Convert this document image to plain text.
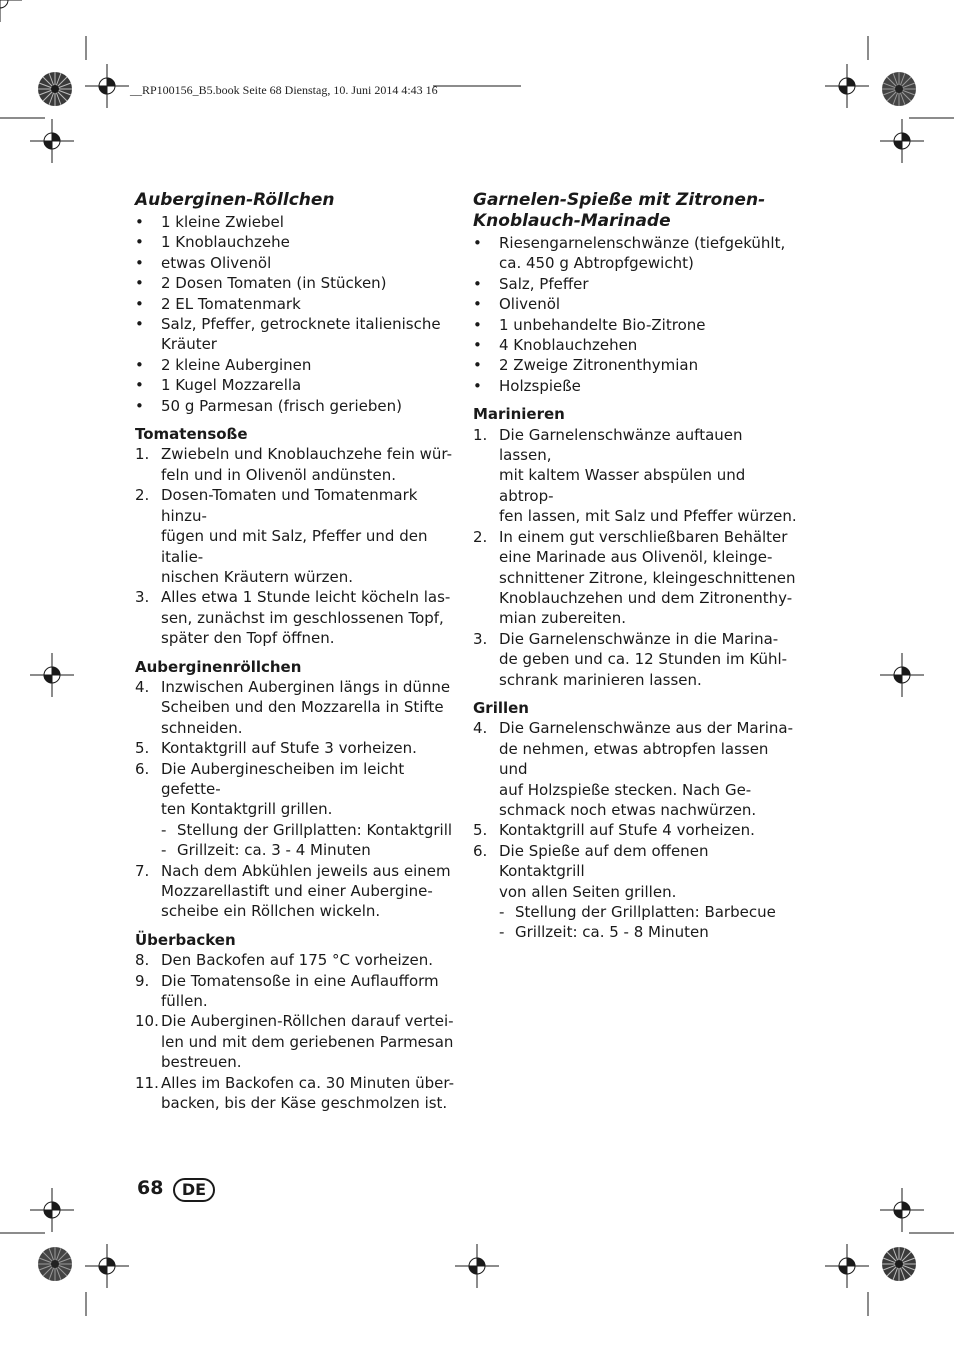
__RP100156_B5.book Seite 68 Dienstag, 10. Juni 2014 4:43 16
Auberginen-Röllchen
• 1 kleine Zwiebel
• 1 Knoblauchzehe
• etwas Olivenöl
• 2 Dosen Tomaten (in Stücken)
• 2 EL Tomatenmark
• Salz, Pfeffer, getrocknete italienische Kräuter
• 2 kleine Auberginen
• 1 Kugel Mozzarella
• 50 g Parmesan (frisch gerieben)
Tomatensoße
1. Zwiebeln und Knoblauchzehe fein wür-
feln und in Olivenöl andünsten.
2. Dosen-Tomaten und Tomatenmark hinzu-
fügen und mit Salz, Pfeffer und den italie-
nischen Kräutern würzen.
3. Alles etwa 1 Stunde leicht köcheln las-
sen, zunächst im geschlossenen Topf,
später den Topf öffnen.
Auberginenröllchen
4. Inzwischen Auberginen längs in dünne
Scheiben und den Mozzarella in Stifte
schneiden.
5. Kontaktgrill auf Stufe 3 vorheizen.
6. Die Auberginescheiben im leicht gefette-
ten Kontaktgrill grillen.
- Stellung der Grillplatten: Kontaktgrill
- Grillzeit: ca. 3 - 4 Minuten
7. Nach dem Abkühlen jeweils aus einem
Mozzarellastift und einer Aubergine-
scheibe ein Röllchen wickeln.
Überbacken
8. Den Backofen auf 175 °C vorheizen.
9. Die Tomatensoße in eine Auflaufform
füllen.
10. Die Auberginen-Röllchen darauf vertei-
len und mit dem geriebenen Parmesan
bestreuen.
11. Alles im Backofen ca. 30 Minuten über-
backen, bis der Käse geschmolzen ist.
Garnelen-Spieße mit Zitronen-
Knoblauch-Marinade
• Riesengarnelenschwänze (tiefgekühlt, ca. 450 g Abtropfgewicht)
• Salz, Pfeffer
• Olivenöl
• 1 unbehandelte Bio-Zitrone
• 4 Knoblauchzehen
• 2 Zweige Zitronenthymian
• Holzspieße
Marinieren
1. Die Garnelenschwänze auftauen lassen,
mit kaltem Wasser abspülen und abtrop-
fen lassen, mit Salz und Pfeffer würzen.
2. In einem gut verschließbaren Behälter
eine Marinade aus Olivenöl, kleinge-
schnittener Zitrone, kleingeschnittenen
Knoblauchzehen und dem Zitronenthy-
mian zubereiten.
3. Die Garnelenschwänze in die Marina-
de geben und ca. 12 Stunden im Kühl-
schrank marinieren lassen.
Grillen
4. Die Garnelenschwänze aus der Marina-
de nehmen, etwas abtropfen lassen und
auf Holzspieße stecken. Nach Ge-
schmack noch etwas nachwürzen.
5. Kontaktgrill auf Stufe 4 vorheizen.
6. Die Spieße auf dem offenen Kontaktgrill
von allen Seiten grillen.
- Stellung der Grillplatten: Barbecue
- Grillzeit: ca. 5 - 8 Minuten
68	DE
